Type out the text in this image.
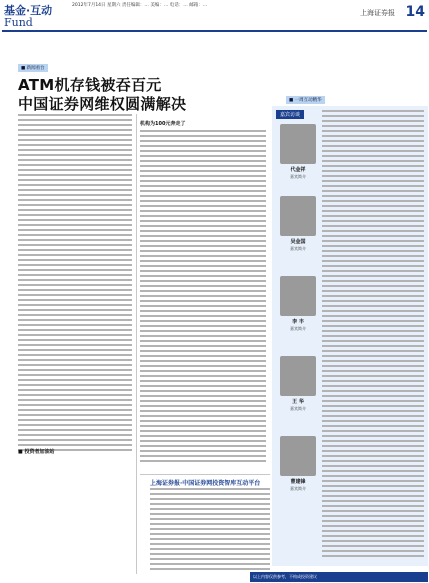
基金·互动
Fund
2012年7月14日 星期六 责任编辑：… 美编：… 电话：… 邮箱：…
上海证券报 14
■ 新闻看台
ATM机存钱被吞百元
中国证券网维权圆满解决
■ 投资者加油站
机构为100元奔走了
上海证券报·中国证券网投资智库互动平台
■ 一周互动精华
嘉宾访谈
代金祥
嘉宾简介
吴金国
嘉宾简介
李 丰
嘉宾简介
王 华
嘉宾简介
曹建锋
嘉宾简介
以上内容仅供参考，不构成投资建议
